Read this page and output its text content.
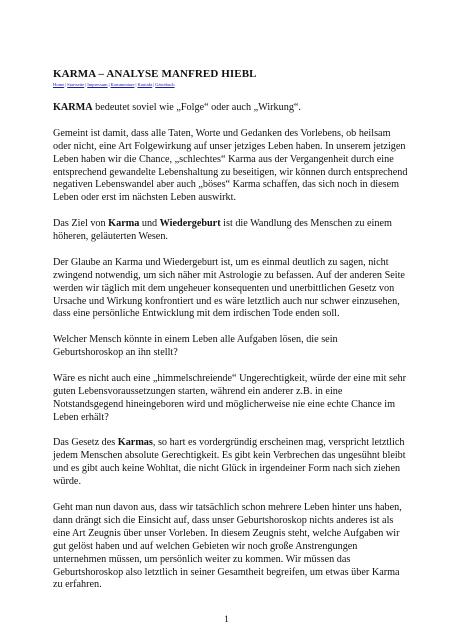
KARMA – ANALYSE MANFRED HIEBL
Home|Startseite|Impressum|Kommentare|Kontakt|Gästebuch

KARMA bedeutet soviel wie „Folge“ oder auch „Wirkung“.

Gemeint ist damit, dass alle Taten, Worte und Gedanken des Vorlebens, ob heilsam oder nicht, eine Art Folgewirkung auf unser jetziges Leben haben. In unserem jetzigen Leben haben wir die Chance, „schlechtes“ Karma aus der Vergangenheit durch eine entsprechend gewandelte Lebenshaltung zu beseitigen, wir können durch entsprechend negativen Lebenswandel aber auch „böses“ Karma schaffen, das sich noch in diesem Leben oder erst im nächsten Leben auswirkt.

Das Ziel von Karma und Wiedergeburt ist die Wandlung des Menschen zu einem höheren, geläuterten Wesen.

Der Glaube an Karma und Wiedergeburt ist, um es einmal deutlich zu sagen, nicht zwingend notwendig, um sich näher mit Astrologie zu befassen. Auf der anderen Seite werden wir täglich mit dem ungeheuer konsequenten und unerbittlichen Gesetz von Ursache und Wirkung konfrontiert und es wäre letztlich auch nur schwer einzusehen, dass eine persönliche Entwicklung mit dem irdischen Tode enden soll.

Welcher Mensch könnte in einem Leben alle Aufgaben lösen, die sein Geburtshoroskop an ihn stellt?

Wäre es nicht auch eine „himmelschreiende“ Ungerechtigkeit, würde der eine mit sehr guten Lebensvoraussetzungen starten, während ein anderer z.B. in eine Notstandsgegend hineingeboren wird und möglicherweise nie eine echte Chance im Leben erhält?

Das Gesetz des Karmas, so hart es vordergründig erscheinen mag, verspricht letztlich jedem Menschen absolute Gerechtigkeit. Es gibt kein Verbrechen das ungesühnt bleibt und es gibt auch keine Wohltat, die nicht Glück in irgendeiner Form nach sich ziehen würde.

Geht man nun davon aus, dass wir tatsächlich schon mehrere Leben hinter uns haben, dann drängt sich die Einsicht auf, dass unser Geburtshoroskop nichts anderes ist als eine Art Zeugnis über unser Vorleben. In diesem Zeugnis steht, welche Aufgaben wir gut gelöst haben und auf welchen Gebieten wir noch große Anstrengungen unternehmen müssen, um persönlich weiter zu kommen. Wir müssen das Geburtshoroskop also letztlich in seiner Gesamtheit begreifen, um etwas über Karma zu erfahren.

1
